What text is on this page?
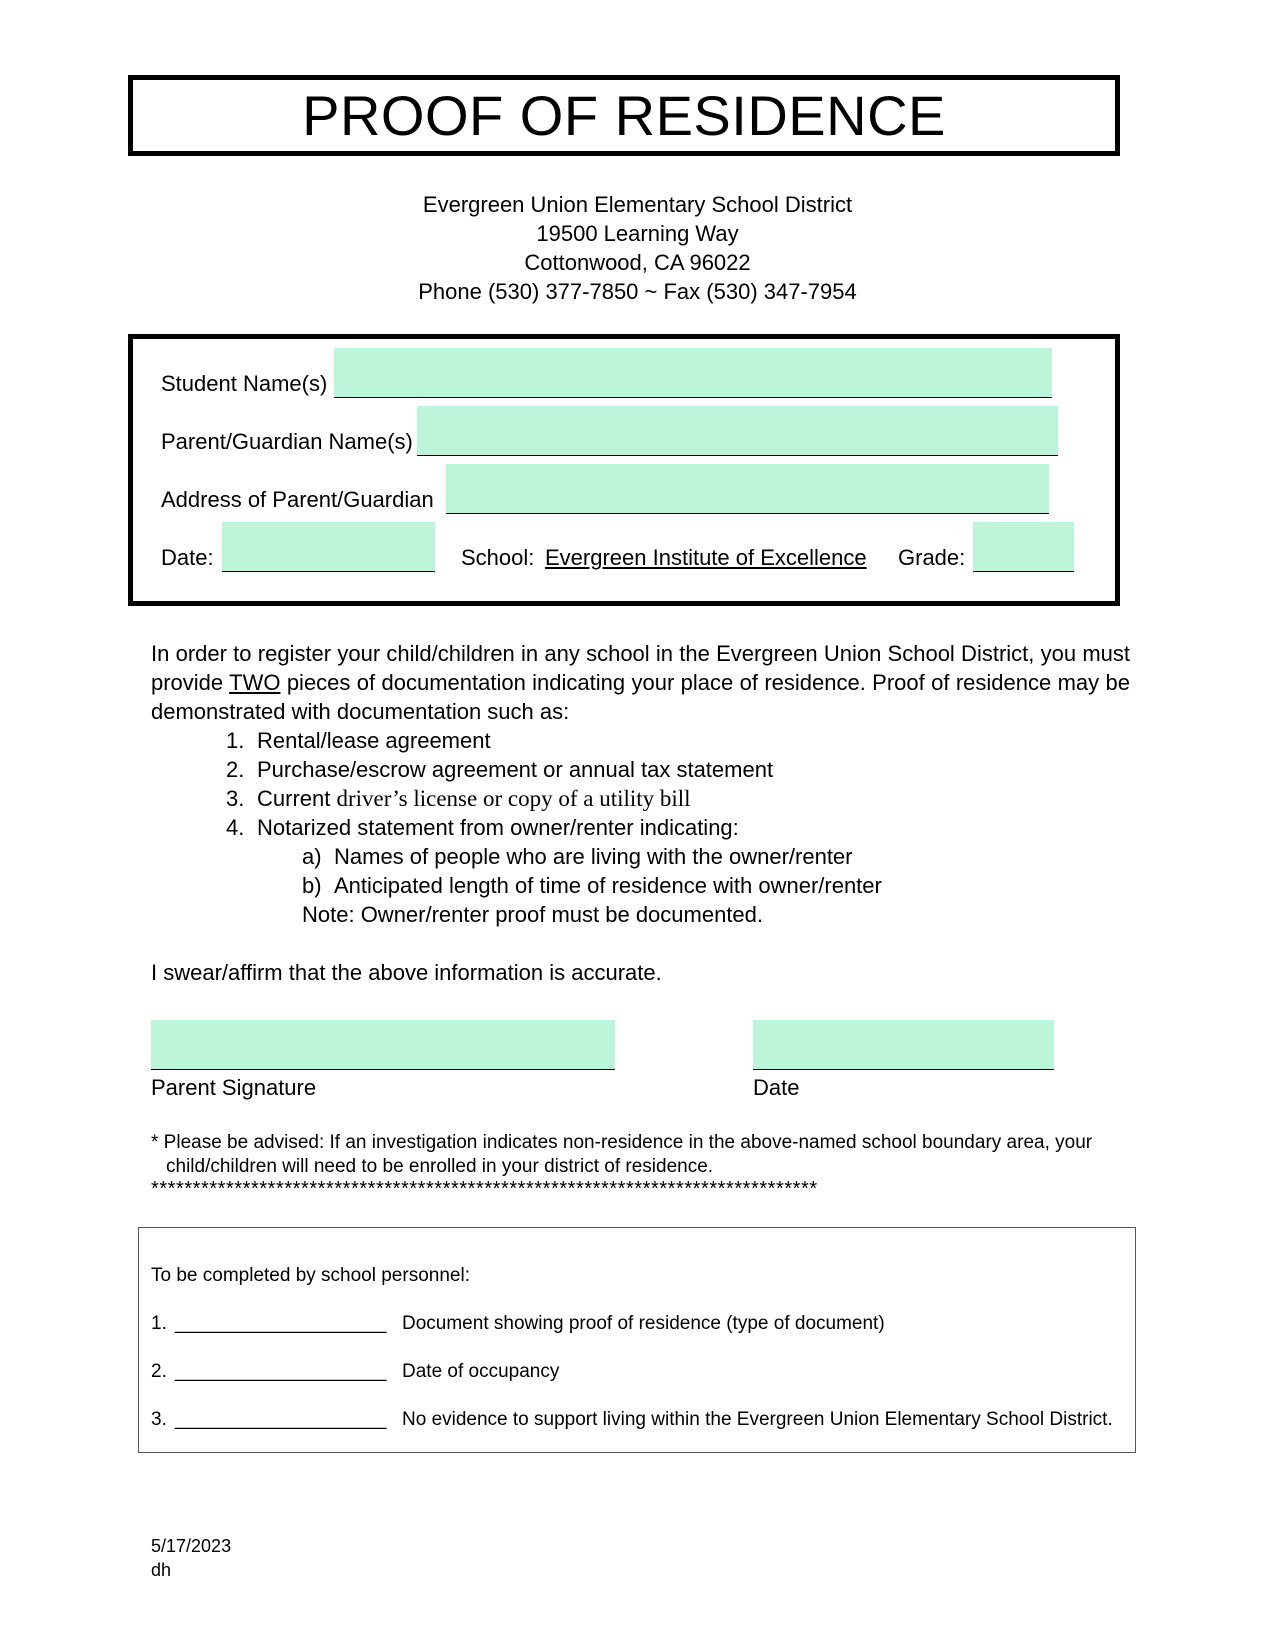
PROOF OF RESIDENCE
Evergreen Union Elementary School District
19500 Learning Way
Cottonwood, CA 96022
Phone (530) 377-7850 ~ Fax (530) 347-7954
Student Name(s)
Parent/Guardian Name(s)
Address of Parent/Guardian
Date:	School: Evergreen Institute of Excellence Grade:
In order to register your child/children in any school in the Evergreen Union School District, you must provide TWO pieces of documentation indicating your place of residence. Proof of residence may be demonstrated with documentation such as:
1. Rental/lease agreement
2. Purchase/escrow agreement or annual tax statement
3. Current driver’s license or copy of a utility bill
4. Notarized statement from owner/renter indicating:
a) Names of people who are living with the owner/renter
b) Anticipated length of time of residence with owner/renter
Note: Owner/renter proof must be documented.
I swear/affirm that the above information is accurate.
Parent Signature	Date
* Please be advised: If an investigation indicates non-residence in the above-named school boundary area, your
child/children will need to be enrolled in your district of residence.
********************************************************************************
To be completed by school personnel:
1. ____________________ Document showing proof of residence (type of document)
2. ____________________ Date of occupancy
3. ____________________ No evidence to support living within the Evergreen Union Elementary School District.
5/17/2023
dh
